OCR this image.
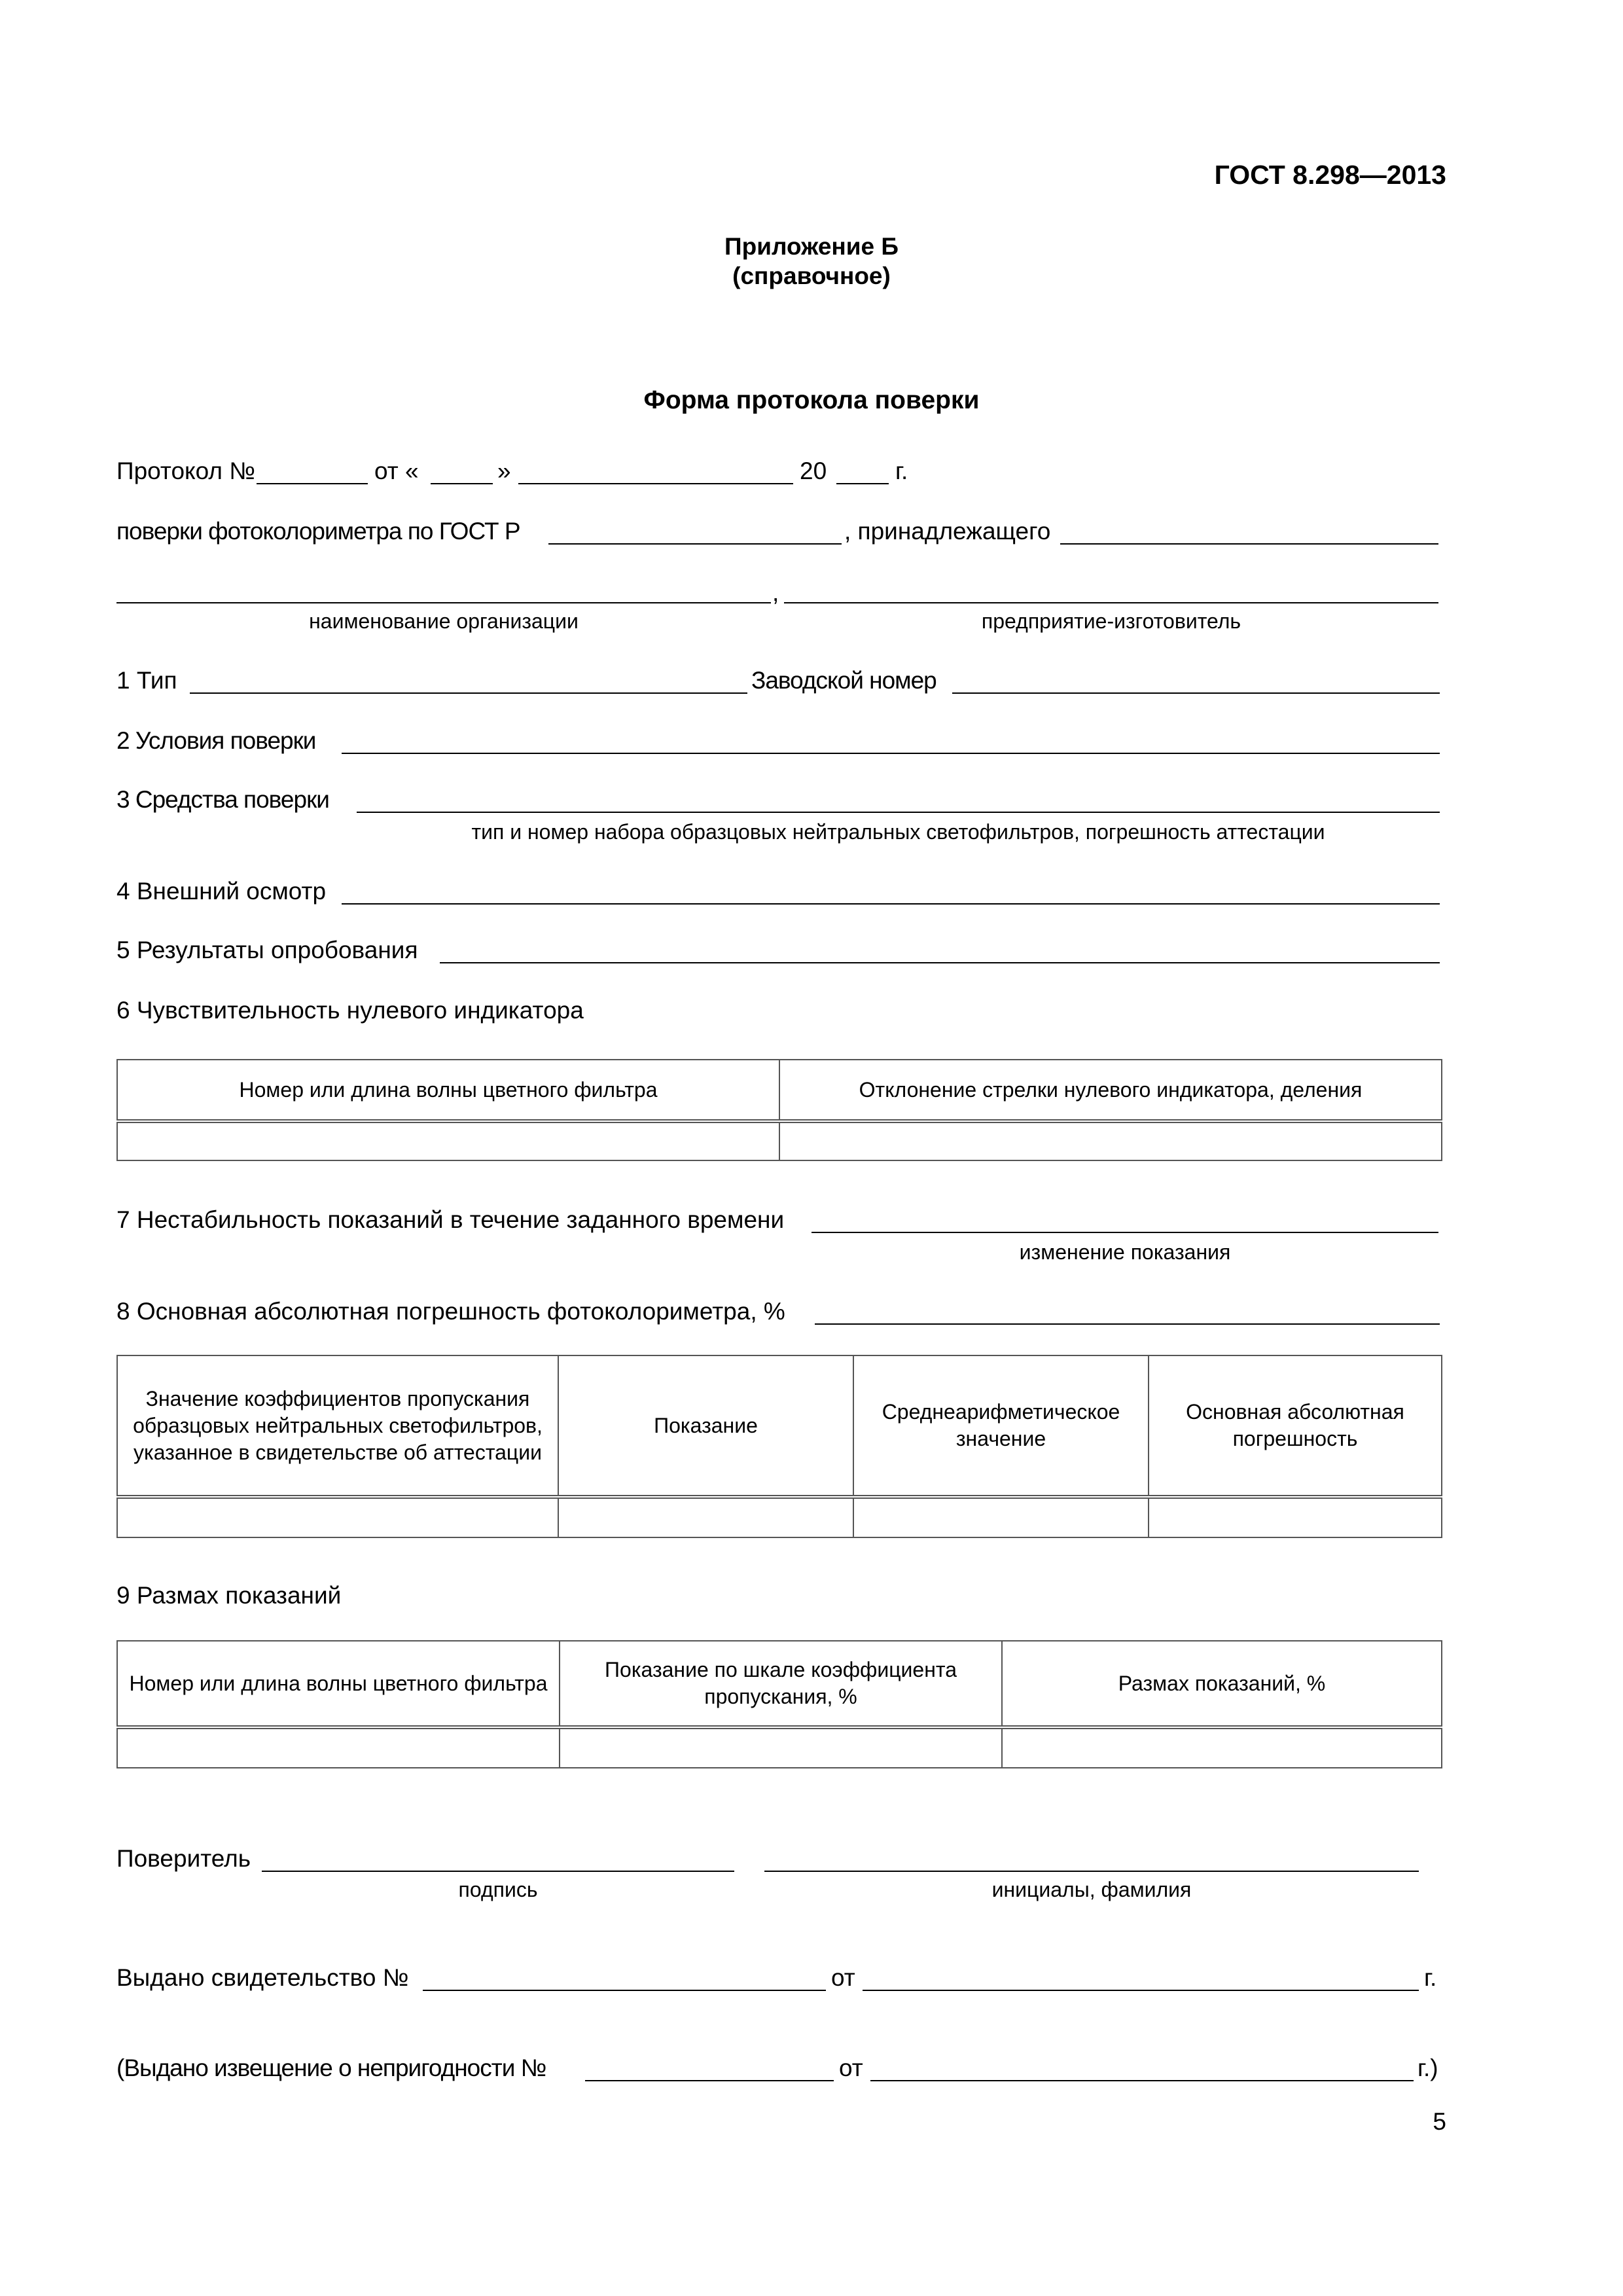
ГОСТ 8.298—2013
Приложение Б
(справочное)
Форма протокола поверки
Протокол №	от «	»	20	г.
поверки фотоколориметра по ГОСТ Р	, принадлежащего
,
наименование организации	предприятие-изготовитель
1 Тип	Заводской номер
2 Условия поверки
3 Средства поверки
тип и номер набора образцовых нейтральных светофильтров, погрешность аттестации
4 Внешний осмотр
5 Результаты опробования
6 Чувствительность нулевого индикатора
Номер или длина волны цветного фильтра	Отклонение стрелки нулевого индикатора, деления

7 Нестабильность показаний в течение заданного времени
изменение показания
8 Основная абсолютная погрешность фотоколориметра, %
Значение коэффициентов пропускания образцовых нейтральных светофильтров, указанное в свидетельстве об аттестации	Показание	Среднеарифметическое значение	Основная абсолютная погрешность

9 Размах показаний
Номер или длина волны цветного фильтра	Показание по шкале коэффициента пропускания, %	Размах показаний, %

Поверитель
подпись	инициалы, фамилия
Выдано свидетельство №	от	г.
(Выдано извещение о непригодности №	от	г.)
5
